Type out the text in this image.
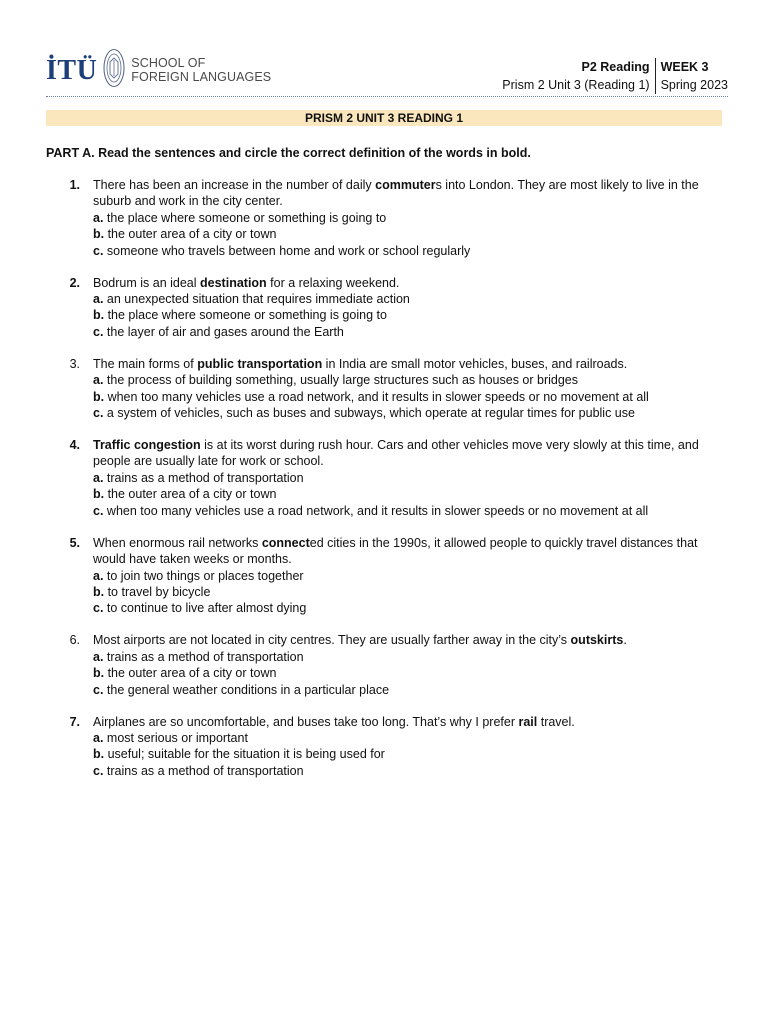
İTÜ	SCHOOL OF
FOREIGN LANGUAGES
P2 Reading
Prism 2 Unit 3 (Reading 1)
WEEK 3
Spring 2023
PRISM 2 UNIT 3 READING 1
PART A. Read the sentences and circle the correct definition of the words in bold.
1.	There has been an increase in the number of daily commuters into London. They are most likely to live in the suburb and work in the city center.
a. the place where someone or something is going to
b. the outer area of a city or town
c. someone who travels between home and work or school regularly
2.	Bodrum is an ideal destination for a relaxing weekend.
a. an unexpected situation that requires immediate action
b. the place where someone or something is going to
c. the layer of air and gases around the Earth
3.	The main forms of public transportation in India are small motor vehicles, buses, and railroads.
a. the process of building something, usually large structures such as houses or bridges
b. when too many vehicles use a road network, and it results in slower speeds or no movement at all
c. a system of vehicles, such as buses and subways, which operate at regular times for public use
4.	Traffic congestion is at its worst during rush hour. Cars and other vehicles move very slowly at this time, and people are usually late for work or school.
a. trains as a method of transportation
b. the outer area of a city or town
c. when too many vehicles use a road network, and it results in slower speeds or no movement at all
5.	When enormous rail networks connected cities in the 1990s, it allowed people to quickly travel distances that would have taken weeks or months.
a. to join two things or places together
b. to travel by bicycle
c. to continue to live after almost dying
6.	Most airports are not located in city centres. They are usually farther away in the city’s outskirts.
a. trains as a method of transportation
b. the outer area of a city or town
c. the general weather conditions in a particular place
7.	Airplanes are so uncomfortable, and buses take too long. That’s why I prefer rail travel.
a. most serious or important
b. useful; suitable for the situation it is being used for
c. trains as a method of transportation
